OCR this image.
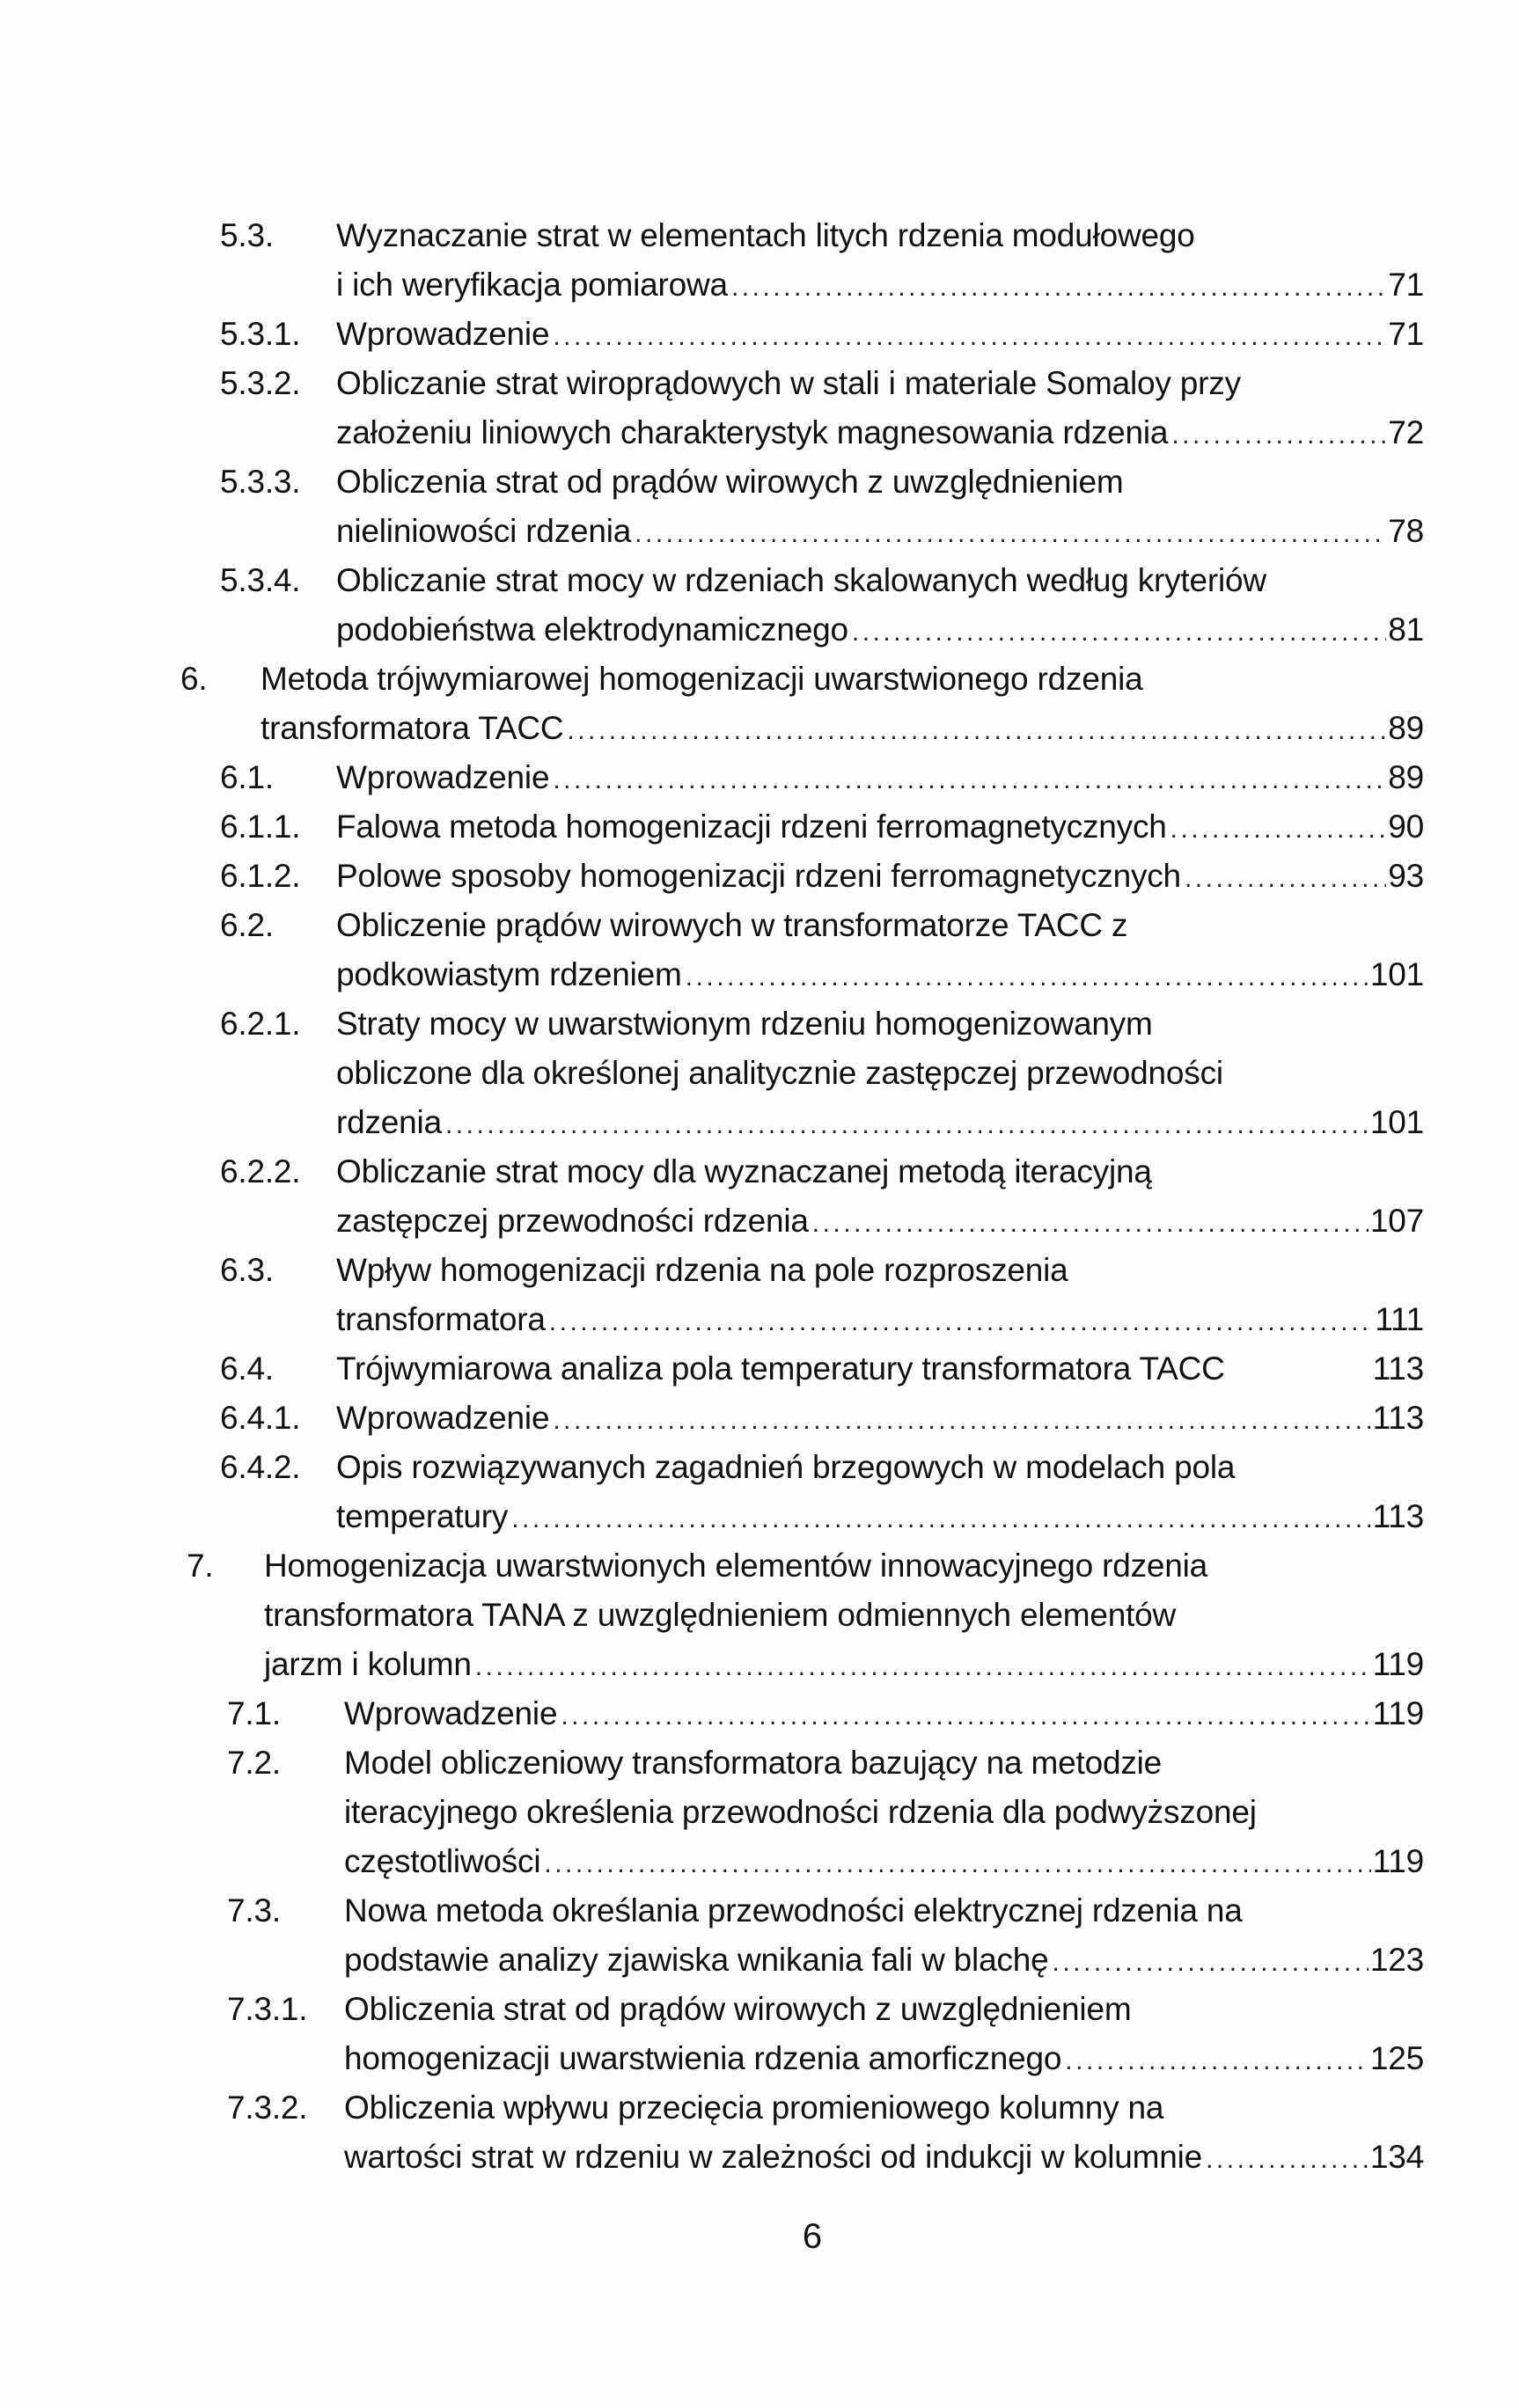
5.3. Wyznaczanie strat w elementach litych rdzenia modułowego
i ich weryfikacja pomiarowa .....	71
5.3.1. Wprowadzenie .....	71
5.3.2. Obliczanie strat wiroprądowych w stali i materiale Somaloy przy
założeniu liniowych charakterystyk magnesowania rdzenia .....	72
5.3.3. Obliczenia strat od prądów wirowych z uwzględnieniem
nieliniowości rdzenia .....	78
5.3.4. Obliczanie strat mocy w rdzeniach skalowanych według kryteriów
podobieństwa elektrodynamicznego .....	81
6. Metoda trójwymiarowej homogenizacji uwarstwionego rdzenia
transformatora TACC .....	89
6.1. Wprowadzenie .....	89
6.1.1. Falowa metoda homogenizacji rdzeni ferromagnetycznych .....	90
6.1.2. Polowe sposoby homogenizacji rdzeni ferromagnetycznych .....	93
6.2. Obliczenie prądów wirowych w transformatorze TACC z
podkowiastym rdzeniem .....	101
6.2.1. Straty mocy w uwarstwionym rdzeniu homogenizowanym
obliczone dla określonej analitycznie zastępczej przewodności
rdzenia .....	101
6.2.2. Obliczanie strat mocy dla wyznaczanej metodą iteracyjną
zastępczej przewodności rdzenia .....	107
6.3. Wpływ homogenizacji rdzenia na pole rozproszenia
transformatora .....	111
6.4. Trójwymiarowa analiza pola temperatury transformatora TACC	113
6.4.1. Wprowadzenie .....	113
6.4.2. Opis rozwiązywanych zagadnień brzegowych w modelach pola
temperatury .....	113
7. Homogenizacja uwarstwionych elementów innowacyjnego rdzenia
transformatora TANA z uwzględnieniem odmiennych elementów
jarzm i kolumn .....	119
7.1. Wprowadzenie .....	119
7.2. Model obliczeniowy transformatora bazujący na metodzie
iteracyjnego określenia przewodności rdzenia dla podwyższonej
częstotliwości .....	119
7.3. Nowa metoda określania przewodności elektrycznej rdzenia na
podstawie analizy zjawiska wnikania fali w blachę .....	123
7.3.1. Obliczenia strat od prądów wirowych z uwzględnieniem
homogenizacji uwarstwienia rdzenia amorficznego .....	125
7.3.2. Obliczenia wpływu przecięcia promieniowego kolumny na
wartości strat w rdzeniu w zależności od indukcji w kolumnie .....	134
6
